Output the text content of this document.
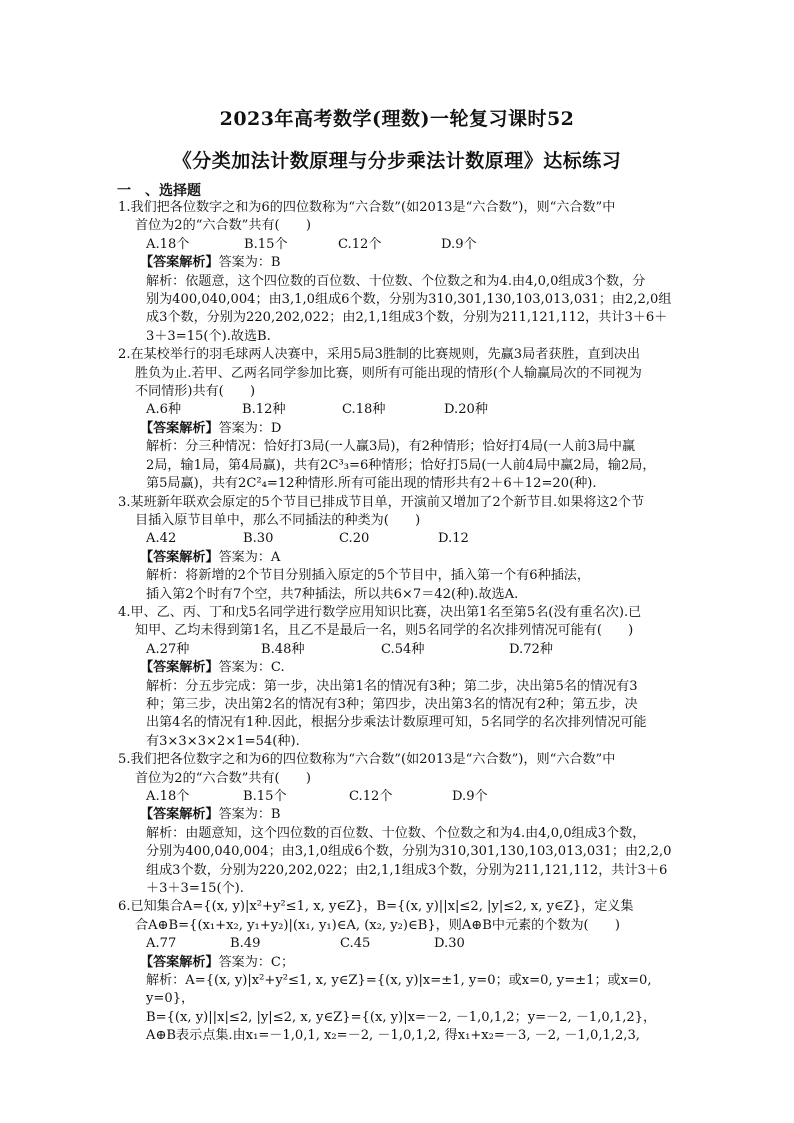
2023年高考数学(理数)一轮复习课时52
《分类加法计数原理与分步乘法计数原理》达标练习
一　、选择题
1.我们把各位数字之和为6的四位数称为“六合数”(如2013是“六合数”)，则“六合数”中
首位为2的“六合数”共有(　　)
A.18个	B.15个	C.12个	D.9个
【答案解析】答案为：B
解析：依题意，这个四位数的百位数、十位数、个位数之和为4.由4,0,0组成3个数，分
别为400,040,004；由3,1,0组成6个数，分别为310,301,130,103,013,031；由2,2,0组
成3个数，分别为220,202,022；由2,1,1组成3个数，分别为211,121,112，共计3＋6＋
3＋3=15(个).故选B.
2.在某校举行的羽毛球两人决赛中，采用5局3胜制的比赛规则，先赢3局者获胜，直到决出
胜负为止.若甲、乙两名同学参加比赛，则所有可能出现的情形(个人输赢局次的不同视为
不同情形)共有(　　)
A.6种	B.12种	C.18种	D.20种
【答案解析】答案为：D
解析：分三种情况：恰好打3局(一人赢3局)，有2种情形；恰好打4局(一人前3局中赢
2局，输1局，第4局赢)，共有2C³₃=6种情形；恰好打5局(一人前4局中赢2局，输2局，
第5局赢)，共有2C²₄=12种情形.所有可能出现的情形共有2＋6＋12=20(种).
3.某班新年联欢会原定的5个节目已排成节目单，开演前又增加了2个新节目.如果将这2个节
目插入原节目单中，那么不同插法的种类为(　　)
A.42	B.30	C.20	D.12
【答案解析】答案为：A
解析：将新增的2个节目分别插入原定的5个节目中，插入第一个有6种插法，
插入第2个时有7个空，共7种插法，所以共6×7＝42(种).故选A.
4.甲、乙、丙、丁和戊5名同学进行数学应用知识比赛，决出第1名至第5名(没有重名次).已
知甲、乙均未得到第1名，且乙不是最后一名，则5名同学的名次排列情况可能有(　　)
A.27种	B.48种	C.54种	D.72种
【答案解析】答案为：C.
解析：分五步完成：第一步，决出第1名的情况有3种；第二步，决出第5名的情况有3
种；第三步，决出第2名的情况有3种；第四步，决出第3名的情况有2种；第五步，决
出第4名的情况有1种.因此，根据分步乘法计数原理可知，5名同学的名次排列情况可能
有3×3×3×2×1=54(种).
5.我们把各位数字之和为6的四位数称为“六合数”(如2013是“六合数”)，则“六合数”中
首位为2的“六合数”共有(　　)
A.18个	B.15个	C.12个	D.9个
【答案解析】答案为：B
解析：由题意知，这个四位数的百位数、十位数、个位数之和为4.由4,0,0组成3个数，
分别为400,040,004；由3,1,0组成6个数，分别为310,301,130,103,013,031；由2,2,0
组成3个数，分别为220,202,022；由2,1,1组成3个数，分别为211,121,112，共计3＋6
＋3＋3=15(个).
6.已知集合A={(x, y)|x²+y²≤1, x, y∈Z}，B={(x, y)||x|≤2, |y|≤2, x, y∈Z}，定义集
合A⊕B={(x₁+x₂, y₁+y₂)|(x₁, y₁)∈A, (x₂, y₂)∈B}，则A⊕B中元素的个数为(　　)
A.77	B.49	C.45	D.30
【答案解析】答案为：C；
解析：A={(x, y)|x²+y²≤1, x, y∈Z}={(x, y)|x=±1, y=0；或x=0, y=±1；或x=0,
y=0}，
B={(x, y)||x|≤2, |y|≤2, x, y∈Z}={(x, y)|x=－2, －1,0,1,2；y=－2, －1,0,1,2}，
A⊕B表示点集.由x₁=－1,0,1, x₂=－2, －1,0,1,2, 得x₁+x₂=－3, －2, －1,0,1,2,3,
